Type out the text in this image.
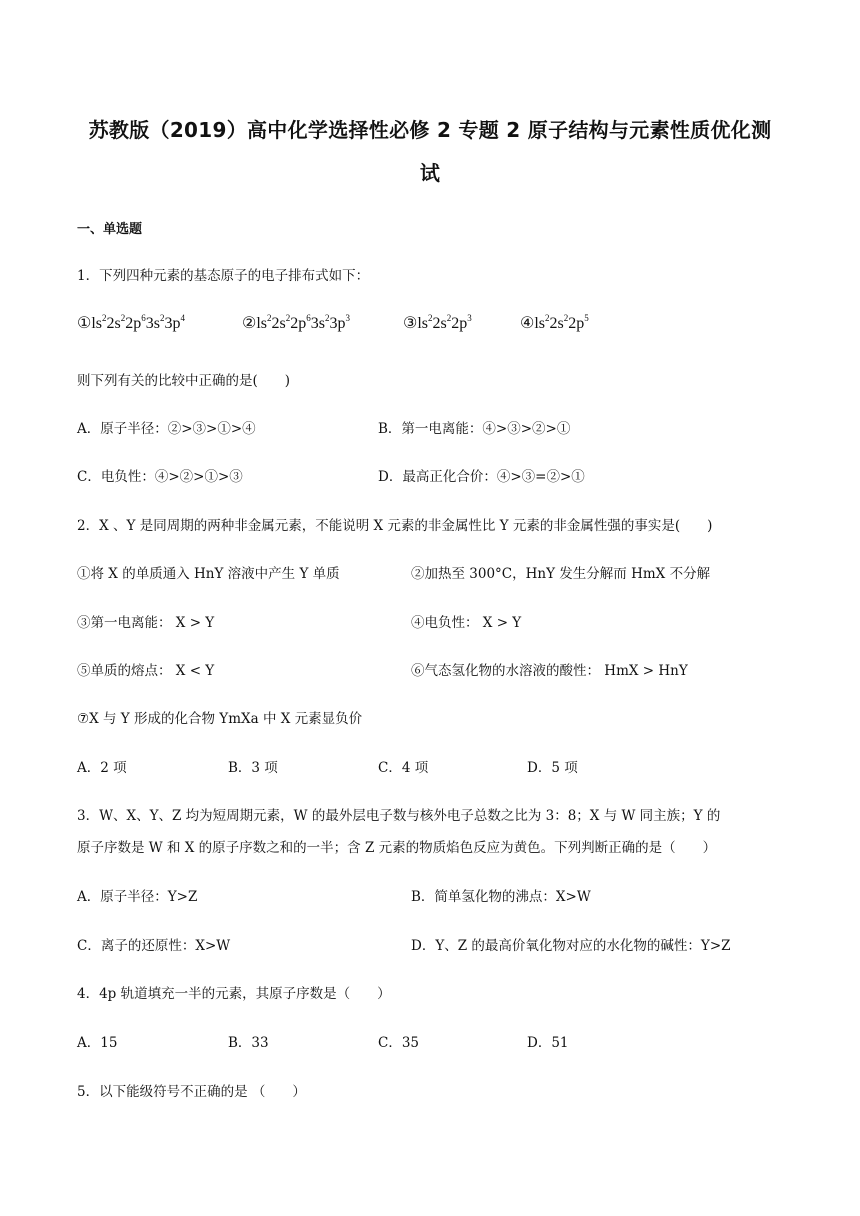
苏教版（2019）高中化学选择性必修 2 专题 2 原子结构与元素性质优化测
试
一、单选题
1．下列四种元素的基态原子的电子排布式如下：
$①ls^22s^22p^63s^23p^4$	$②ls^22s^22p^63s^23p^3$	$③ls^22s^22p^3$	$④ls^22s^22p^5$
则下列有关的比较中正确的是(　　)
A．原子半径：②>③>①>④	B．第一电离能：④>③>②>①
C．电负性：④>②>①>③	D．最高正化合价：④>③=②>①
2．X 、Y 是同周期的两种非金属元素，不能说明 X 元素的非金属性比 Y 元素的非金属性强的事实是(　　)
①将 X 的单质通入 HnY 溶液中产生 Y 单质	②加热至 300°C，HnY 发生分解而 HmX 不分解
③第一电离能： X > Y	④电负性： X > Y
⑤单质的熔点： X < Y	⑥气态氢化物的水溶液的酸性： HmX > HnY
⑦X 与 Y 形成的化合物 YmXa 中 X 元素显负价
A．2 项	B．3 项	C．4 项	D．5 项
3．W、X、Y、Z 均为短周期元素，W 的最外层电子数与核外电子总数之比为 3：8；X 与 W 同主族；Y 的
原子序数是 W 和 X 的原子序数之和的一半；含 Z 元素的物质焰色反应为黄色。下列判断正确的是（　　）
A．原子半径：Y>Z	B．简单氢化物的沸点：X>W
C．离子的还原性：X>W	D．Y、Z 的最高价氧化物对应的水化物的碱性：Y>Z
4．4p 轨道填充一半的元素，其原子序数是（　　）
A．15	B．33	C．35	D．51
5．以下能级符号不正确的是 （　　）
